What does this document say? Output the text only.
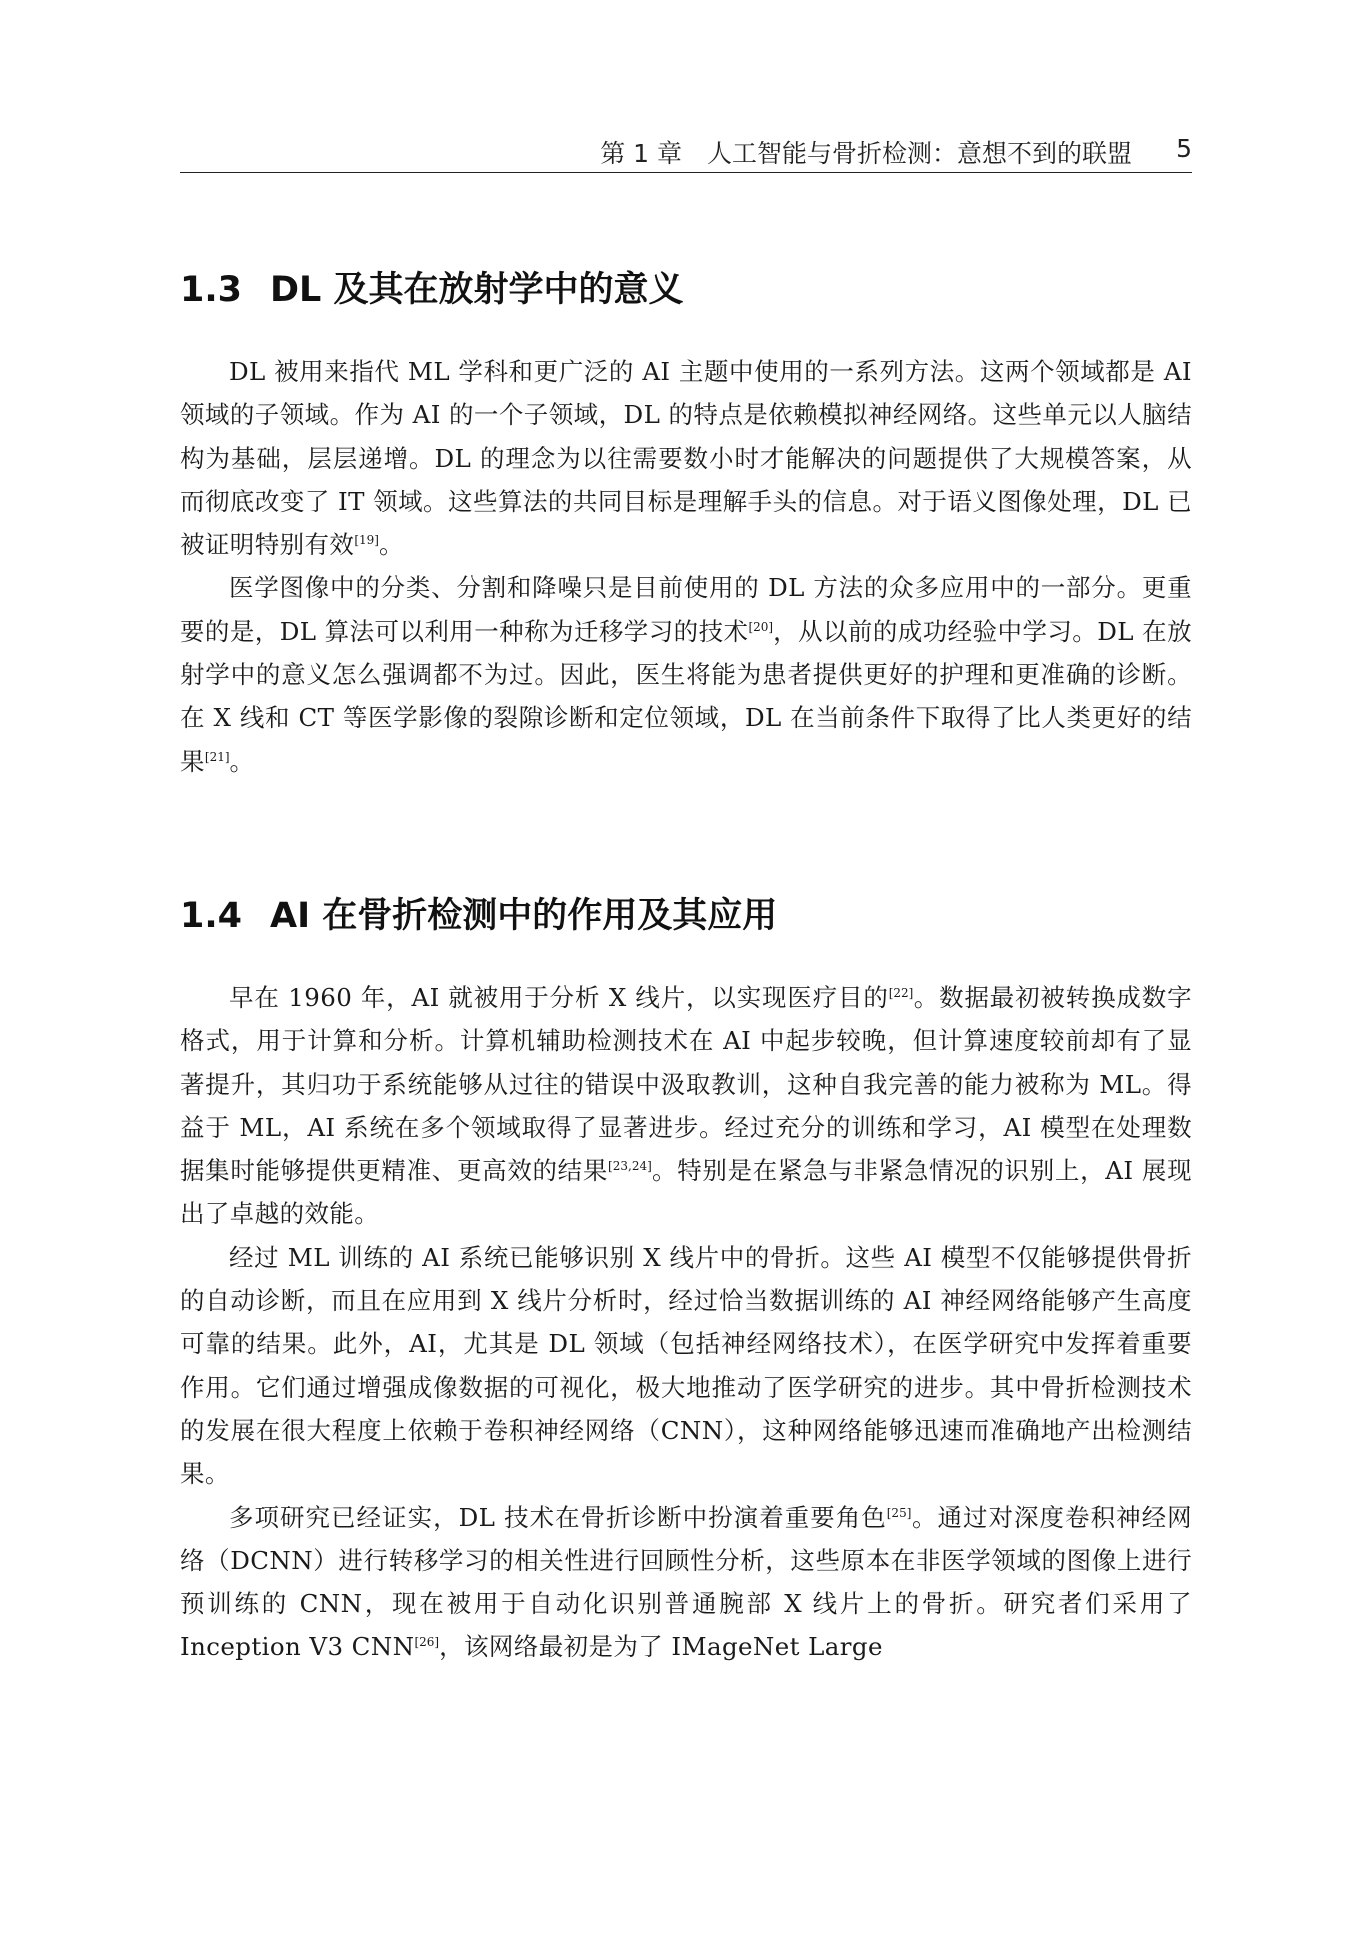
第 1 章　人工智能与骨折检测：意想不到的联盟 5
1.3 DL 及其在放射学中的意义

DL 被用来指代 ML 学科和更广泛的 AI 主题中使用的一系列方法。这两个领域都是 AI 领域的子领域。作为 AI 的一个子领域，DL 的特点是依赖模拟神经网络。这些单元以人脑结构为基础，层层递增。DL 的理念为以往需要数小时才能解决的问题提供了大规模答案，从而彻底改变了 IT 领域。这些算法的共同目标是理解手头的信息。对于语义图像处理，DL 已被证明特别有效[19]。

医学图像中的分类、分割和降噪只是目前使用的 DL 方法的众多应用中的一部分。更重要的是，DL 算法可以利用一种称为迁移学习的技术[20]，从以前的成功经验中学习。DL 在放射学中的意义怎么强调都不为过。因此，医生将能为患者提供更好的护理和更准确的诊断。在 X 线和 CT 等医学影像的裂隙诊断和定位领域，DL 在当前条件下取得了比人类更好的结果[21]。

1.4 AI 在骨折检测中的作用及其应用

早在 1960 年，AI 就被用于分析 X 线片，以实现医疗目的[22]。数据最初被转换成数字格式，用于计算和分析。计算机辅助检测技术在 AI 中起步较晚，但计算速度较前却有了显著提升，其归功于系统能够从过往的错误中汲取教训，这种自我完善的能力被称为 ML。得益于 ML，AI 系统在多个领域取得了显著进步。经过充分的训练和学习，AI 模型在处理数据集时能够提供更精准、更高效的结果[23,24]。特别是在紧急与非紧急情况的识别上，AI 展现出了卓越的效能。

经过 ML 训练的 AI 系统已能够识别 X 线片中的骨折。这些 AI 模型不仅能够提供骨折的自动诊断，而且在应用到 X 线片分析时，经过恰当数据训练的 AI 神经网络能够产生高度可靠的结果。此外，AI，尤其是 DL 领域（包括神经网络技术），在医学研究中发挥着重要作用。它们通过增强成像数据的可视化，极大地推动了医学研究的进步。其中骨折检测技术的发展在很大程度上依赖于卷积神经网络（CNN），这种网络能够迅速而准确地产出检测结果。

多项研究已经证实，DL 技术在骨折诊断中扮演着重要角色[25]。通过对深度卷积神经网络（DCNN）进行转移学习的相关性进行回顾性分析，这些原本在非医学领域的图像上进行预训练的 CNN，现在被用于自动化识别普通腕部 X 线片上的骨折。研究者们采用了 Inception V3 CNN[26]，该网络最初是为了 IMageNet Large
